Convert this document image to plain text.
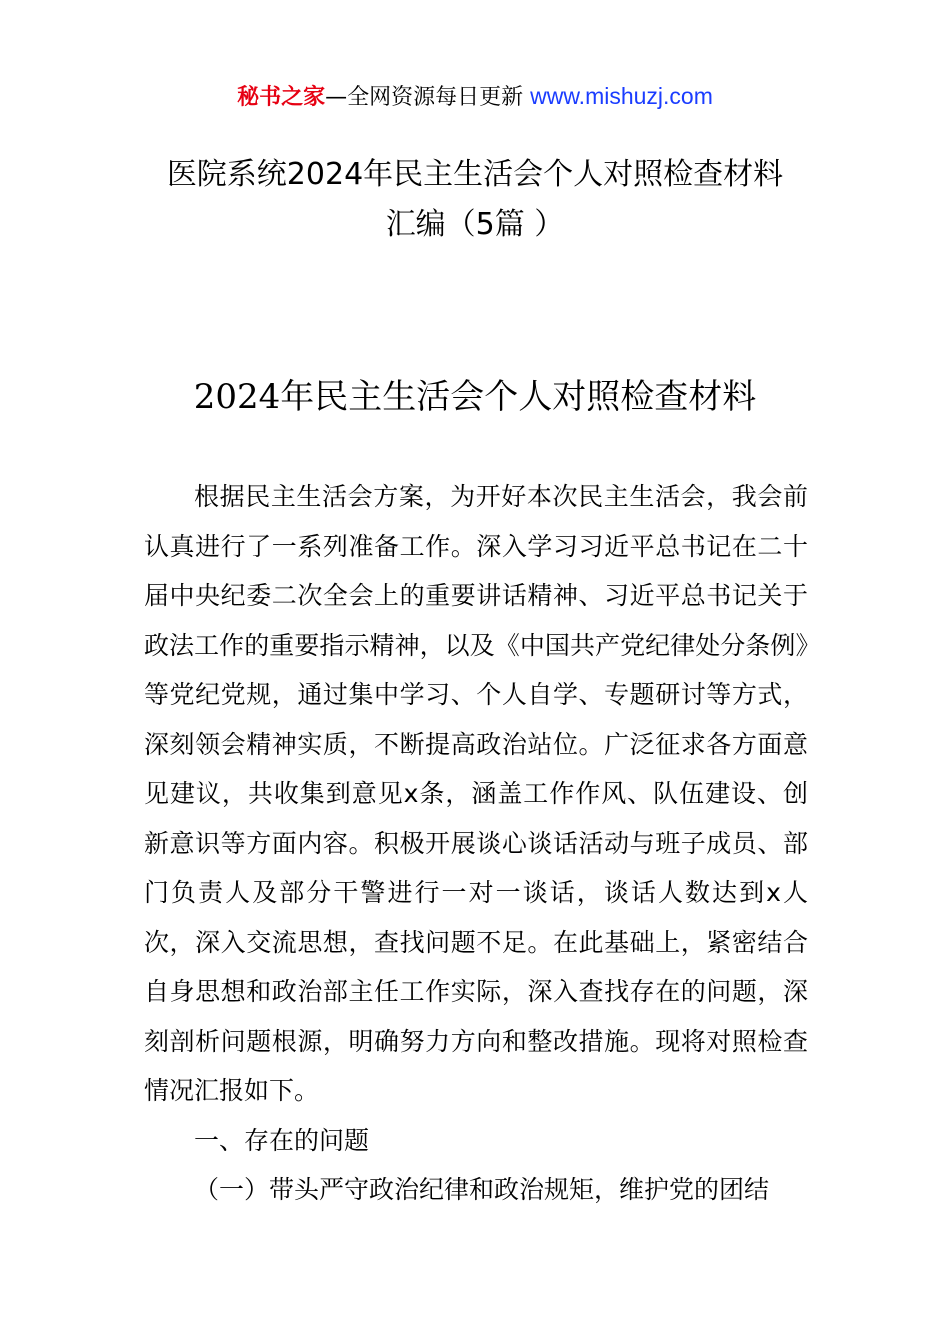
秘书之家—全网资源每日更新 www.mishuzj.com
医院系统2024年民主生活会个人对照检查材料
汇编（5篇 ）
2024年民主生活会个人对照检查材料

根据民主生活会方案，为开好本次民主生活会，我会前认真进行了一系列准备工作。深入学习习近平总书记在二十届中央纪委二次全会上的重要讲话精神、习近平总书记关于政法工作的重要指示精神，以及《中国共产党纪律处分条例》等党纪党规，通过集中学习、个人自学、专题研讨等方式，深刻领会精神实质，不断提高政治站位。广泛征求各方面意见建议，共收集到意见x条，涵盖工作作风、队伍建设、创新意识等方面内容。积极开展谈心谈话活动与班子成员、部门负责人及部分干警进行一对一谈话，谈话人数达到x人次，深入交流思想，查找问题不足。在此基础上，紧密结合自身思想和政治部主任工作实际，深入查找存在的问题，深刻剖析问题根源，明确努力方向和整改措施。现将对照检查情况汇报如下。

一、存在的问题

（一）带头严守政治纪律和政治规矩，维护党的团结
